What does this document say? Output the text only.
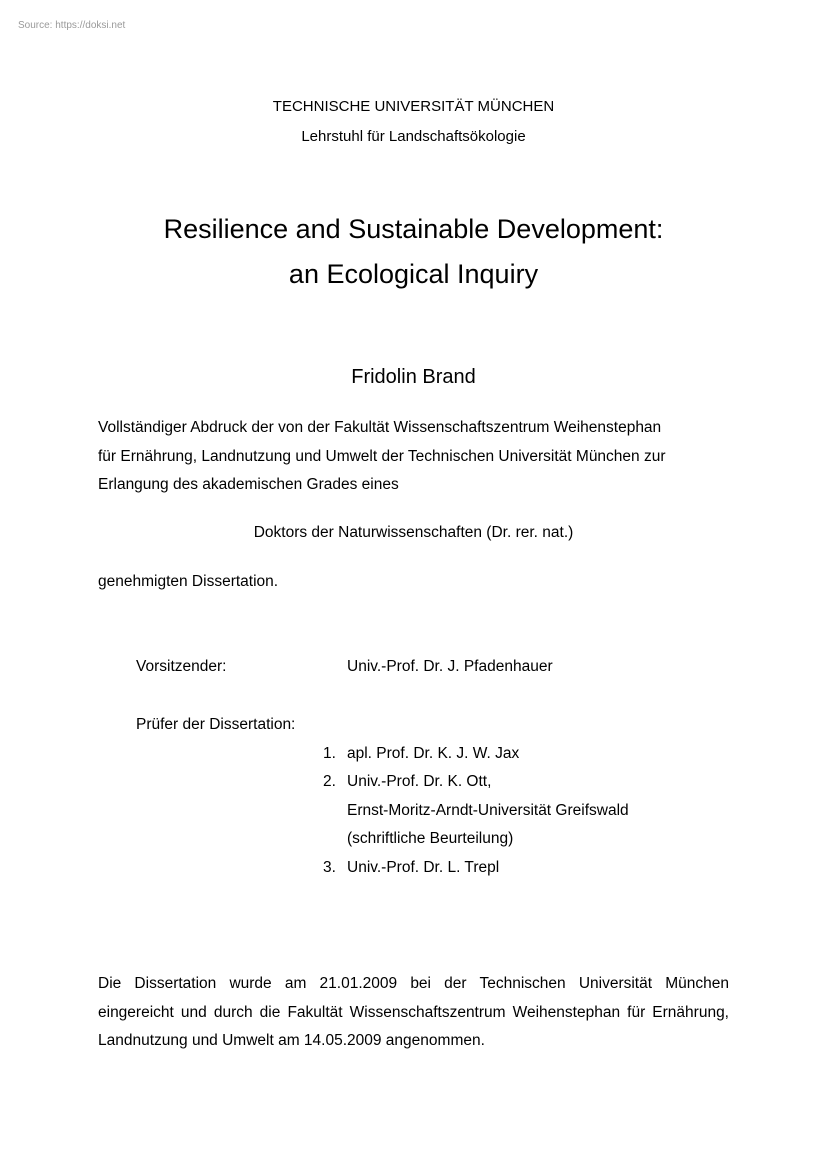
Source: https://doksi.net
TECHNISCHE UNIVERSITÄT MÜNCHEN
Lehrstuhl für Landschaftsökologie
Resilience and Sustainable Development:
an Ecological Inquiry
Fridolin Brand
Vollständiger Abdruck der von der Fakultät Wissenschaftszentrum Weihenstephan
für Ernährung, Landnutzung und Umwelt der Technischen Universität München zur
Erlangung des akademischen Grades eines
Doktors der Naturwissenschaften (Dr. rer. nat.)
genehmigten Dissertation.
Vorsitzender:	Univ.-Prof. Dr. J. Pfadenhauer
Prüfer der Dissertation:
1. apl. Prof. Dr. K. J. W. Jax
2. Univ.-Prof. Dr. K. Ott,
Ernst-Moritz-Arndt-Universität Greifswald
(schriftliche Beurteilung)
3. Univ.-Prof. Dr. L. Trepl
Die Dissertation wurde am 21.01.2009 bei der Technischen Universität München eingereicht und durch die Fakultät Wissenschaftszentrum Weihenstephan für Ernährung, Landnutzung und Umwelt am 14.05.2009 angenommen.
